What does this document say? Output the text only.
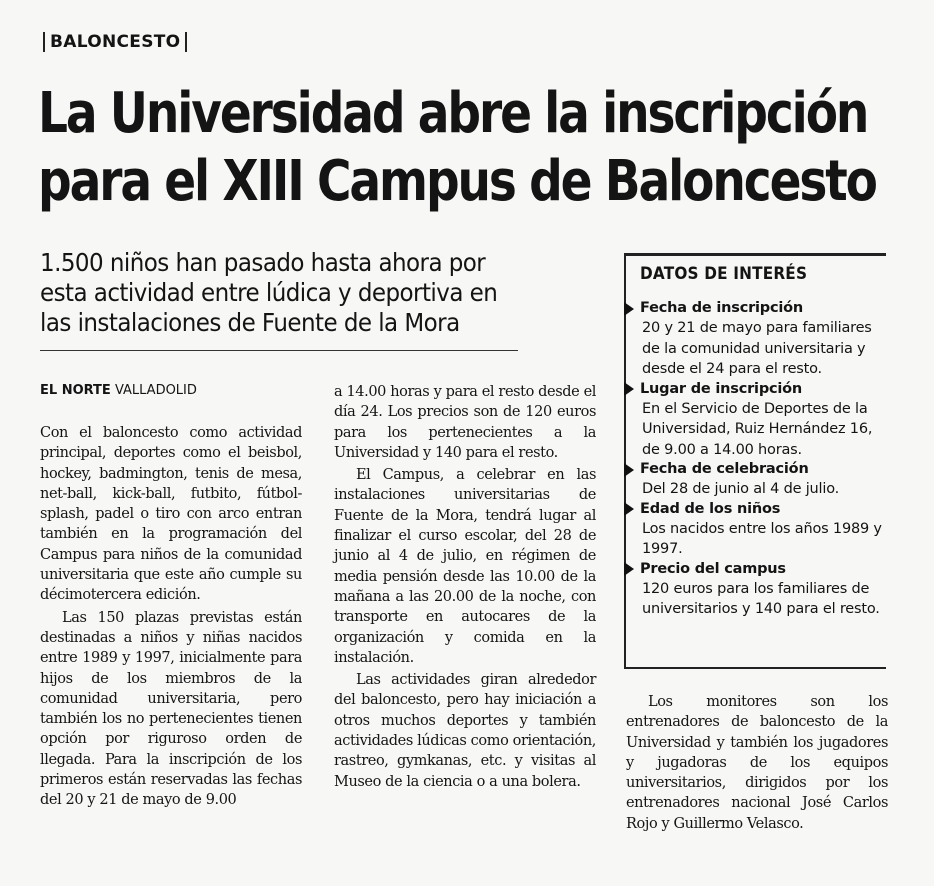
BALONCESTO
La Universidad abre la inscripción
para el XIII Campus de Baloncesto
1.500 niños han pasado hasta ahora por
esta actividad entre lúdica y deportiva en
las instalaciones de Fuente de la Mora
EL NORTE VALLADOLID

Con el baloncesto como actividad principal, deportes como el beisbol, hockey, badmington, tenis de mesa, net-ball, kick-ball, futbito, fútbol-splash, padel o tiro con arco entran también en la programación del Campus para niños de la comunidad universitaria que este año cumple su décimotercera edición.

Las 150 plazas previstas están destinadas a niños y niñas nacidos entre 1989 y 1997, inicialmente para hijos de los miembros de la comunidad universitaria, pero también los no pertenecientes tienen opción por riguroso orden de llegada. Para la inscripción de los primeros están reservadas las fechas del 20 y 21 de mayo de 9.00

a 14.00 horas y para el resto desde el día 24. Los precios son de 120 euros para los pertenecientes a la Universidad y 140 para el resto.

El Campus, a celebrar en las instalaciones universitarias de Fuente de la Mora, tendrá lugar al finalizar el curso escolar, del 28 de junio al 4 de julio, en régimen de media pensión desde las 10.00 de la mañana a las 20.00 de la noche, con transporte en autocares de la organización y comida en la instalación.

Las actividades giran alrededor del baloncesto, pero hay iniciación a otros muchos deportes y también actividades lúdicas como orientación, rastreo, gymkanas, etc. y visitas al Museo de la ciencia o a una bolera.

DATOS DE INTERÉS
Fecha de inscripción
20 y 21 de mayo para familiares de la comunidad universitaria y desde el 24 para el resto.
Lugar de inscripción
En el Servicio de Deportes de la Universidad, Ruiz Hernández 16, de 9.00 a 14.00 horas.
Fecha de celebración
Del 28 de junio al 4 de julio.
Edad de los niños
Los nacidos entre los años 1989 y 1997.
Precio del campus
120 euros para los familiares de universitarios y 140 para el resto.

Los monitores son los entrenadores de baloncesto de la Universidad y también los jugadores y jugadoras de los equipos universitarios, dirigidos por los entrenadores nacional José Carlos Rojo y Guillermo Velasco.
